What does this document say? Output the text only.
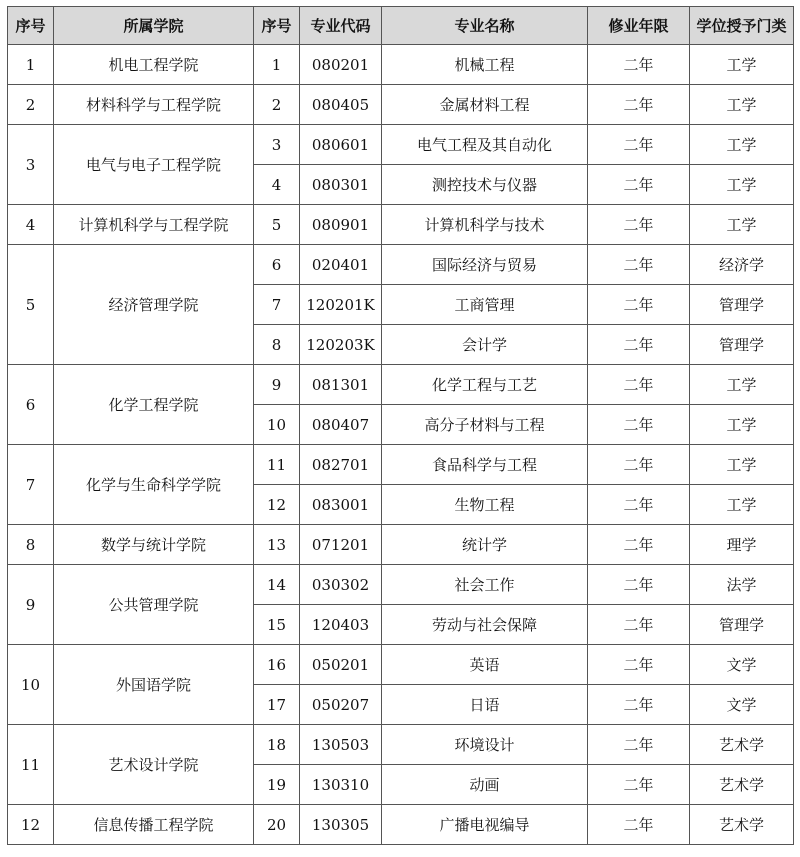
序号	所属学院	序号	专业代码	专业名称	修业年限	学位授予门类
1	机电工程学院	1	080201	机械工程	二年	工学
2	材料科学与工程学院	2	080405	金属材料工程	二年	工学
3	电气与电子工程学院	3	080601	电气工程及其自动化	二年	工学
		4	080301	测控技术与仪器	二年	工学
4	计算机科学与工程学院	5	080901	计算机科学与技术	二年	工学
5	经济管理学院	6	020401	国际经济与贸易	二年	经济学
		7	120201K	工商管理	二年	管理学
		8	120203K	会计学	二年	管理学
6	化学工程学院	9	081301	化学工程与工艺	二年	工学
		10	080407	高分子材料与工程	二年	工学
7	化学与生命科学学院	11	082701	食品科学与工程	二年	工学
		12	083001	生物工程	二年	工学
8	数学与统计学院	13	071201	统计学	二年	理学
9	公共管理学院	14	030302	社会工作	二年	法学
		15	120403	劳动与社会保障	二年	管理学
10	外国语学院	16	050201	英语	二年	文学
		17	050207	日语	二年	文学
11	艺术设计学院	18	130503	环境设计	二年	艺术学
		19	130310	动画	二年	艺术学
12	信息传播工程学院	20	130305	广播电视编导	二年	艺术学
